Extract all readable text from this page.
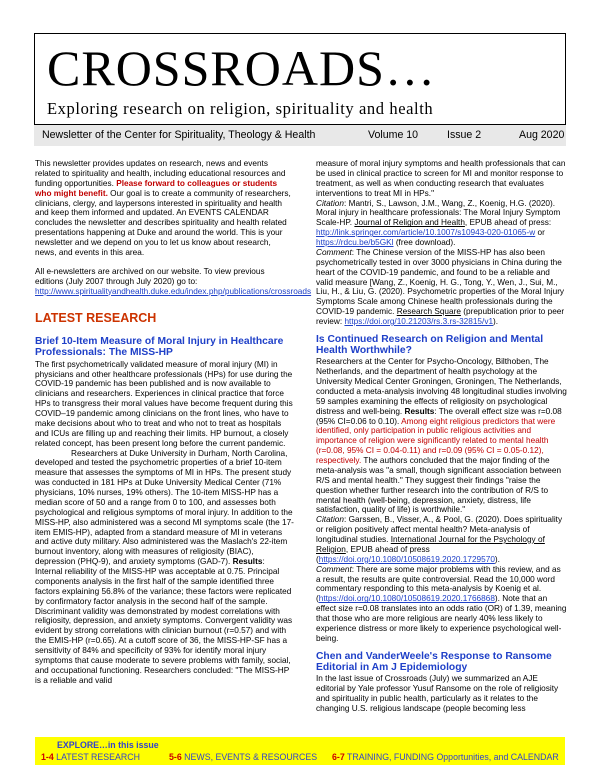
CROSSROADS…
Exploring research on religion, spirituality and health
Newsletter of the Center for Spirituality, Theology & Health	Volume 10	Issue 2	Aug 2020

This newsletter provides updates on research, news and events related to spirituality and health, including educational resources and funding opportunities. Please forward to colleagues or students who might benefit. Our goal is to create a community of researchers, clinicians, clergy, and laypersons interested in spirituality and health and keep them informed and updated. An EVENTS CALENDAR concludes the newsletter and describes spirituality and health related presentations happening at Duke and around the world. This is your newsletter and we depend on you to let us know about research, news, and events in this area.

All e-newsletters are archived on our website. To view previous editions (July 2007 through July 2020) go to: http://www.spiritualityandhealth.duke.edu/index.php/publications/crossroads

LATEST RESEARCH

Brief 10-Item Measure of Moral Injury in Healthcare Professionals: The MISS-HP

The first psychometrically validated measure of moral injury (MI) in physicians and other healthcare professionals (HPs) for use during the COVID-19 pandemic has been published and is now available to clinicians and researchers. Experiences in clinical practice that force HPs to transgress their moral values have become frequent during this COVID–19 pandemic among clinicians on the front lines, who have to make decisions about who to treat and who not to treat as hospitals and ICUs are filling up and reaching their limits. HP burnout, a closely related concept, has been present long before the current pandemic.

Researchers at Duke University in Durham, North Carolina, developed and tested the psychometric properties of a brief 10-item measure that assesses the symptoms of MI in HPs. The present study was conducted in 181 HPs at Duke University Medical Center (71% physicians, 10% nurses, 19% others). The 10-item MISS-HP has a median score of 50 and a range from 0 to 100, and assesses both psychological and religious symptoms of moral injury. In addition to the MISS-HP, also administered was a second MI symptoms scale (the 17-item EMIS-HP), adapted from a standard measure of MI in veterans and active duty military. Also administered was the Maslach's 22-item burnout inventory, along with measures of religiosity (BIAC), depression (PHQ-9), and anxiety symptoms (GAD-7). Results: Internal reliability of the MISS-HP was acceptable at 0.75. Principal components analysis in the first half of the sample identified three factors explaining 56.8% of the variance; these factors were replicated by confirmatory factor analysis in the second half of the sample. Discriminant validity was demonstrated by modest correlations with religiosity, depression, and anxiety symptoms. Convergent validity was evident by strong correlations with clinician burnout (r=0.57) and with the EMIS-HP (r=0.65). At a cutoff score of 36, the MISS-HP-SF has a sensitivity of 84% and specificity of 93% for identify moral injury symptoms that cause moderate to severe problems with family, social, and occupational functioning. Researchers concluded: "The MISS-HP is a reliable and valid

measure of moral injury symptoms and health professionals that can be used in clinical practice to screen for MI and monitor response to treatment, as well as when conducting research that evaluates interventions to treat MI in HPs."

Citation: Mantri, S., Lawson, J.M., Wang, Z., Koenig, H.G. (2020). Moral injury in healthcare professionals: The Moral Injury Symptom Scale-HP. Journal of Religion and Health, EPUB ahead of press: http://link.springer.com/article/10.1007/s10943-020-01065-w or https://rdcu.be/b5GKl (free download).

Comment: The Chinese version of the MISS-HP has also been psychometrically tested in over 3000 physicians in China during the heart of the COVID-19 pandemic, and found to be a reliable and valid measure [Wang, Z., Koenig, H. G., Tong, Y., Wen, J., Sui, M., Liu, H., & Liu, G. (2020). Psychometric properties of the Moral Injury Symptoms Scale among Chinese health professionals during the COVID-19 pandemic. Research Square (prepublication prior to peer review: https://doi.org/10.21203/rs.3.rs-32815/v1).

Is Continued Research on Religion and Mental Health Worthwhile?

Researchers at the Center for Psycho-Oncology, Bilthoben, The Netherlands, and the department of health psychology at the University Medical Center Groningen, Groningen, The Netherlands, conducted a meta-analysis involving 48 longitudinal studies involving 59 samples examining the effects of religiosity on psychological distress and well-being. Results: The overall effect size was r=0.08 (95% CI=0.06 to 0.10). Among eight religious predictors that were identified, only participation in public religious activities and importance of religion were significantly related to mental health (r=0.08, 95% CI = 0.04-0.11) and r=0.09 (95% CI = 0.05-0.12), respectively. The authors concluded that the major finding of the meta-analysis was "a small, though significant association between R/S and mental health." They suggest their findings "raise the question whether further research into the contribution of R/S to mental health (well-being, depression, anxiety, distress, life satisfaction, quality of life) is worthwhile."

Citation: Garssen, B., Visser, A., & Pool, G. (2020). Does spirituality or religion positively affect mental health? Meta-analysis of longitudinal studies. International Journal for the Psychology of Religion, EPUB ahead of press (https://doi.org/10.1080/10508619.2020.1729570).

Comment: There are some major problems with this review, and as a result, the results are quite controversial. Read the 10,000 word commentary responding to this meta-analysis by Koenig et al. (https://doi.org/10.1080/10508619.2020.1766868). Note that an effect size r=0.08 translates into an odds ratio (OR) of 1.39, meaning that those who are more religious are nearly 40% less likely to experience distress or more likely to experience psychological well-being.

Chen and VanderWeele's Response to Ransome Editorial in Am J Epidemiology

In the last issue of Crossroads (July) we summarized an AJE editorial by Yale professor Yusuf Ransome on the role of religiosity and spirituality in public health, particularly as it relates to the changing U.S. religious landscape (people becoming less

EXPLORE…in this issue
1-4 LATEST RESEARCH	5-6 NEWS, EVENTS & RESOURCES 6-7 TRAINING, FUNDING Opportunities, and CALENDAR
